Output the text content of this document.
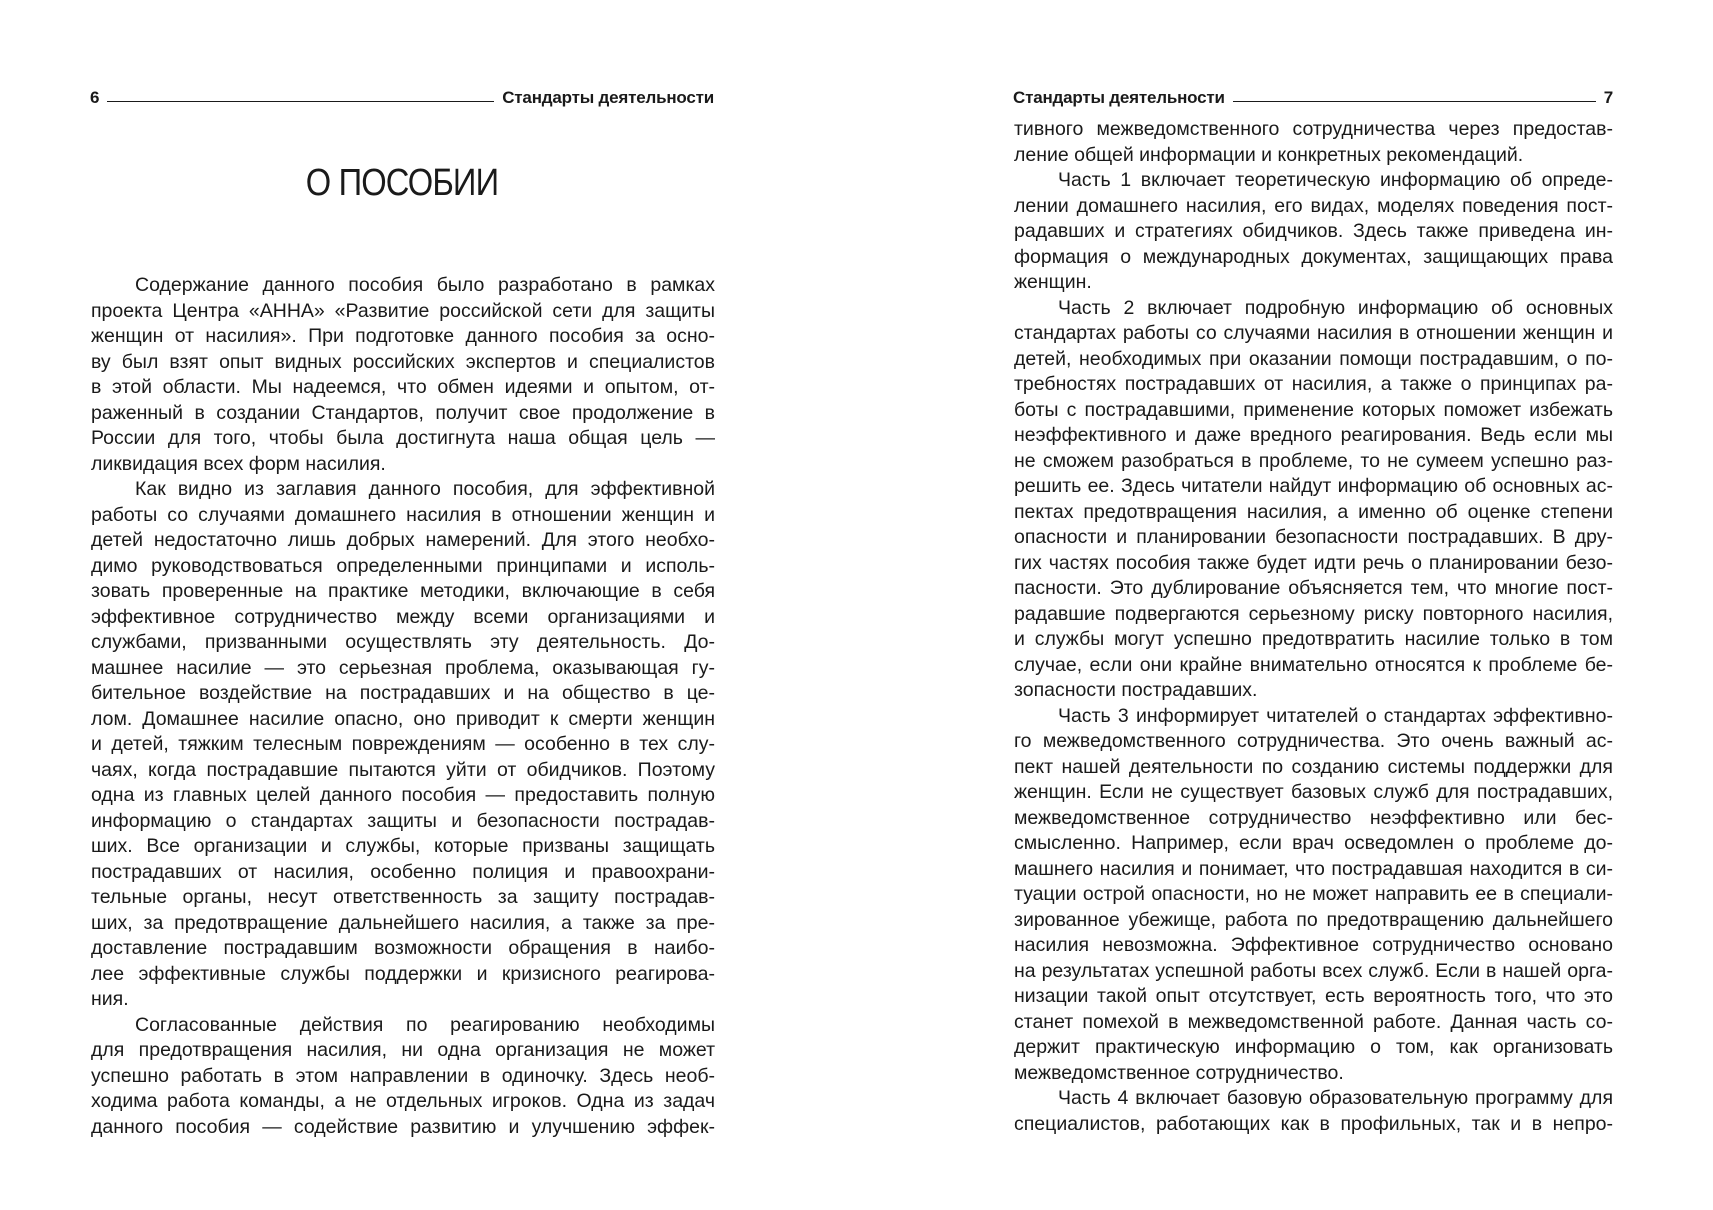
6	Стандарты деятельности
О ПОСОБИИ
Содержание данного пособия было разработано в рамках
проекта Центра «АННА» «Развитие российской сети для защиты
женщин от насилия». При подготовке данного пособия за осно-
ву был взят опыт видных российских экспертов и специалистов
в этой области. Мы надеемся, что обмен идеями и опытом, от-
раженный в создании Стандартов, получит свое продолжение в
России для того, чтобы была достигнута наша общая цель —
ликвидация всех форм насилия.
Как видно из заглавия данного пособия, для эффективной
работы со случаями домашнего насилия в отношении женщин и
детей недостаточно лишь добрых намерений. Для этого необхо-
димо руководствоваться определенными принципами и исполь-
зовать проверенные на практике методики, включающие в себя
эффективное сотрудничество между всеми организациями и
службами, призванными осуществлять эту деятельность. До-
машнее насилие — это серьезная проблема, оказывающая гу-
бительное воздействие на пострадавших и на общество в це-
лом. Домашнее насилие опасно, оно приводит к смерти женщин
и детей, тяжким телесным повреждениям — особенно в тех слу-
чаях, когда пострадавшие пытаются уйти от обидчиков. Поэтому
одна из главных целей данного пособия — предоставить полную
информацию о стандартах защиты и безопасности пострадав-
ших. Все организации и службы, которые призваны защищать
пострадавших от насилия, особенно полиция и правоохрани-
тельные органы, несут ответственность за защиту пострадав-
ших, за предотвращение дальнейшего насилия, а также за пре-
доставление пострадавшим возможности обращения в наибо-
лее эффективные службы поддержки и кризисного реагирова-
ния.
Согласованные действия по реагированию необходимы
для предотвращения насилия, ни одна организация не может
успешно работать в этом направлении в одиночку. Здесь необ-
ходима работа команды, а не отдельных игроков. Одна из задач
данного пособия — содействие развитию и улучшению эффек-
Стандарты деятельности	7
тивного межведомственного сотрудничества через предостав-
ление общей информации и конкретных рекомендаций.
Часть 1 включает теоретическую информацию об опреде-
лении домашнего насилия, его видах, моделях поведения пост-
радавших и стратегиях обидчиков. Здесь также приведена ин-
формация о международных документах, защищающих права
женщин.
Часть 2 включает подробную информацию об основных
стандартах работы со случаями насилия в отношении женщин и
детей, необходимых при оказании помощи пострадавшим, о по-
требностях пострадавших от насилия, а также о принципах ра-
боты с пострадавшими, применение которых поможет избежать
неэффективного и даже вредного реагирования. Ведь если мы
не сможем разобраться в проблеме, то не сумеем успешно раз-
решить ее. Здесь читатели найдут информацию об основных ас-
пектах предотвращения насилия, а именно об оценке степени
опасности и планировании безопасности пострадавших. В дру-
гих частях пособия также будет идти речь о планировании безо-
пасности. Это дублирование объясняется тем, что многие пост-
радавшие подвергаются серьезному риску повторного насилия,
и службы могут успешно предотвратить насилие только в том
случае, если они крайне внимательно относятся к проблеме бе-
зопасности пострадавших.
Часть 3 информирует читателей о стандартах эффективно-
го межведомственного сотрудничества. Это очень важный ас-
пект нашей деятельности по созданию системы поддержки для
женщин. Если не существует базовых служб для пострадавших,
межведомственное сотрудничество неэффективно или бес-
смысленно. Например, если врач осведомлен о проблеме до-
машнего насилия и понимает, что пострадавшая находится в си-
туации острой опасности, но не может направить ее в специали-
зированное убежище, работа по предотвращению дальнейшего
насилия невозможна. Эффективное сотрудничество основано
на результатах успешной работы всех служб. Если в нашей орга-
низации такой опыт отсутствует, есть вероятность того, что это
станет помехой в межведомственной работе. Данная часть со-
держит практическую информацию о том, как организовать
межведомственное сотрудничество.
Часть 4 включает базовую образовательную программу для
специалистов, работающих как в профильных, так и в непро-
